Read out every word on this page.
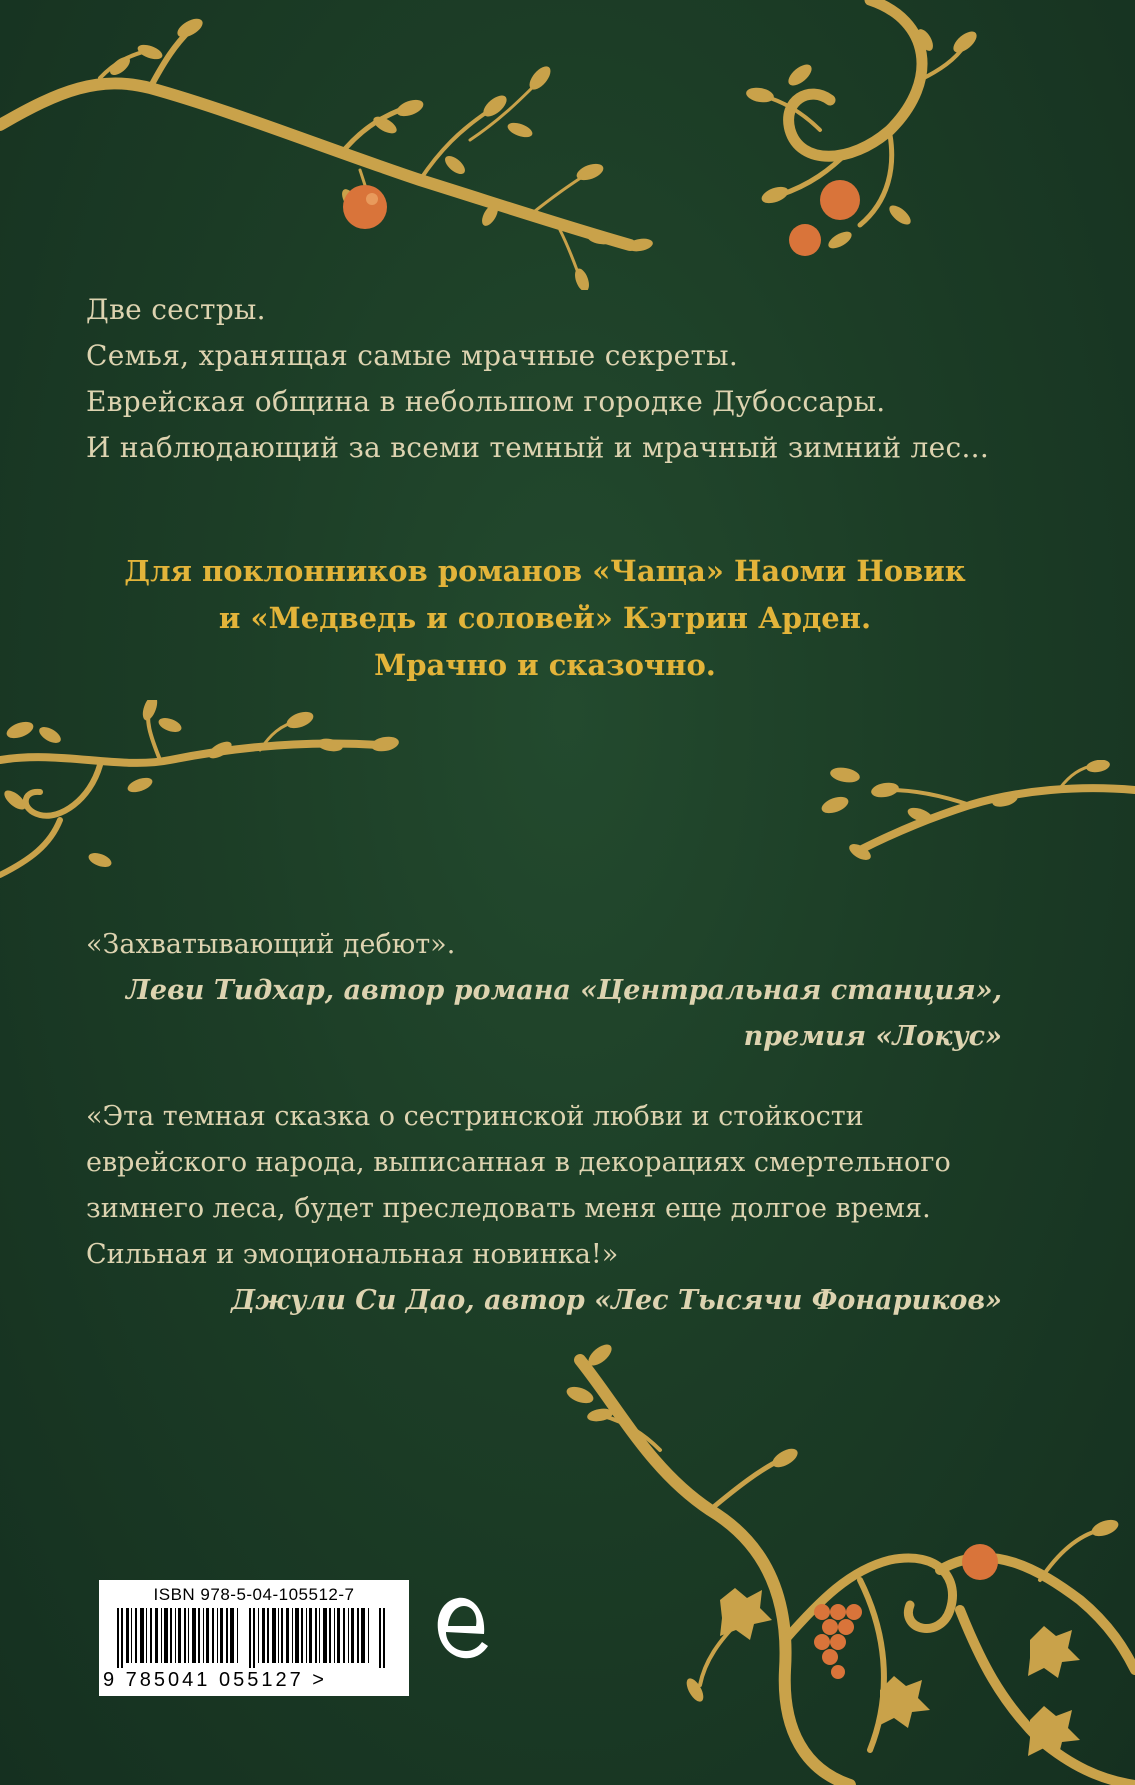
Две сестры.
Семья, хранящая самые мрачные секреты.
Еврейская община в небольшом городке Дубоссары.
И наблюдающий за всеми темный и мрачный зимний лес...
Для поклонников романов «Чаща» Наоми Новик
и «Медведь и соловей» Кэтрин Арден.
Мрачно и сказочно.
«Захватывающий дебют».
Леви Тидхар, автор романа «Центральная станция»,
премия «Локус»
«Эта темная сказка о сестринской любви и стойкости
еврейского народа, выписанная в декорациях смертельного
зимнего леса, будет преследовать меня еще долгое время.
Сильная и эмоциональная новинка!»
Джули Си Дао, автор «Лес Тысячи Фонариков»
ISBN 978-5-04-105512-7
9 785041 055127 >
